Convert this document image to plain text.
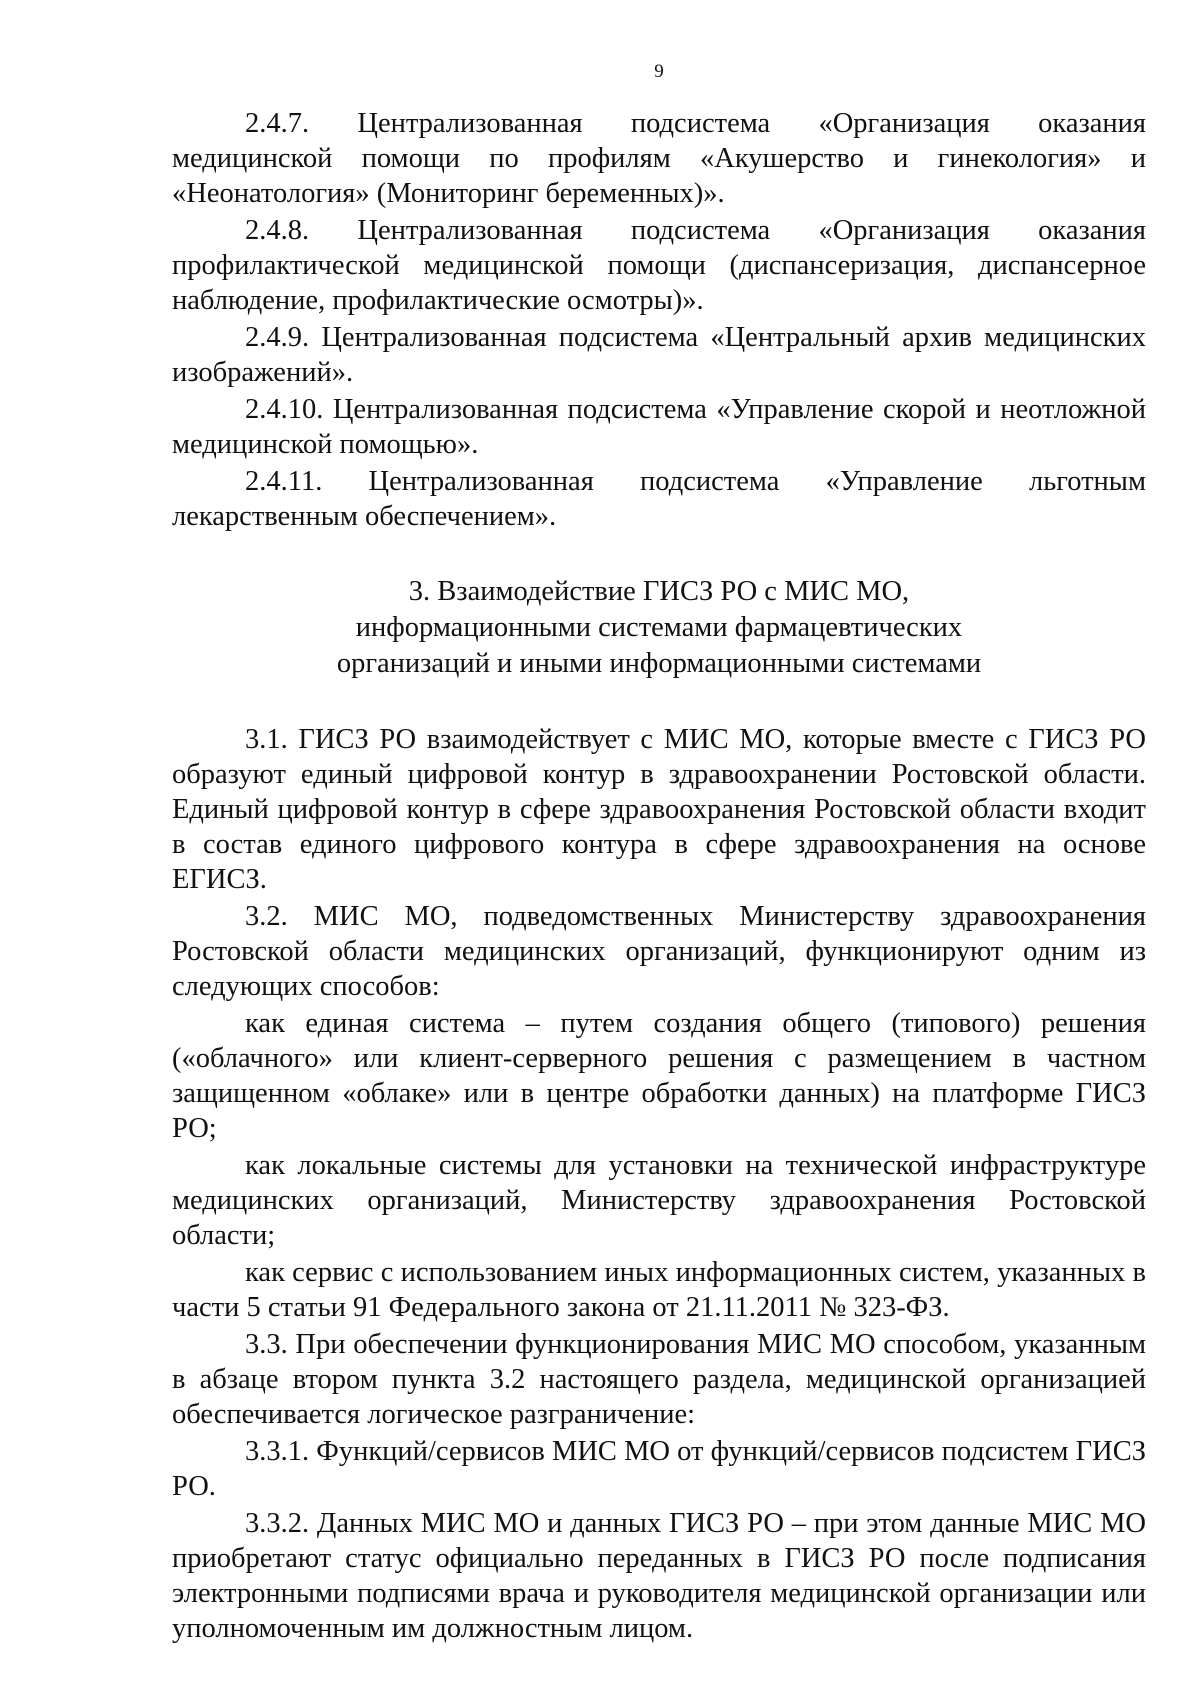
9

2.4.7. Централизованная подсистема «Организация оказания медицинской помощи по профилям «Акушерство и гинекология» и «Неонатология» (Мониторинг беременных)».

2.4.8. Централизованная подсистема «Организация оказания профилактической медицинской помощи (диспансеризация, диспансерное наблюдение, профилактические осмотры)».

2.4.9. Централизованная подсистема «Центральный архив медицинских изображений».

2.4.10. Централизованная подсистема «Управление скорой и неотложной медицинской помощью».

2.4.11. Централизованная подсистема «Управление льготным лекарственным обеспечением».

3. Взаимодействие ГИСЗ РО с МИС МО,
информационными системами фармацевтических
организаций и иными информационными системами

3.1. ГИСЗ РО взаимодействует с МИС МО, которые вместе с ГИСЗ РО образуют единый цифровой контур в здравоохранении Ростовской области. Единый цифровой контур в сфере здравоохранения Ростовской области входит в состав единого цифрового контура в сфере здравоохранения на основе ЕГИСЗ.

3.2. МИС МО, подведомственных Министерству здравоохранения Ростовской области медицинских организаций, функционируют одним из следующих способов:

как единая система – путем создания общего (типового) решения («облачного» или клиент-серверного решения с размещением в частном защищенном «облаке» или в центре обработки данных) на платформе ГИСЗ РО;

как локальные системы для установки на технической инфраструктуре медицинских организаций, Министерству здравоохранения Ростовской области;

как сервис с использованием иных информационных систем, указанных в части 5 статьи 91 Федерального закона от 21.11.2011 № 323-ФЗ.

3.3. При обеспечении функционирования МИС МО способом, указанным в абзаце втором пункта 3.2 настоящего раздела, медицинской организацией обеспечивается логическое разграничение:

3.3.1. Функций/сервисов МИС МО от функций/сервисов подсистем ГИСЗ РО.

3.3.2. Данных МИС МО и данных ГИСЗ РО – при этом данные МИС МО приобретают статус официально переданных в ГИСЗ РО после подписания электронными подписями врача и руководителя медицинской организации или уполномоченным им должностным лицом.
